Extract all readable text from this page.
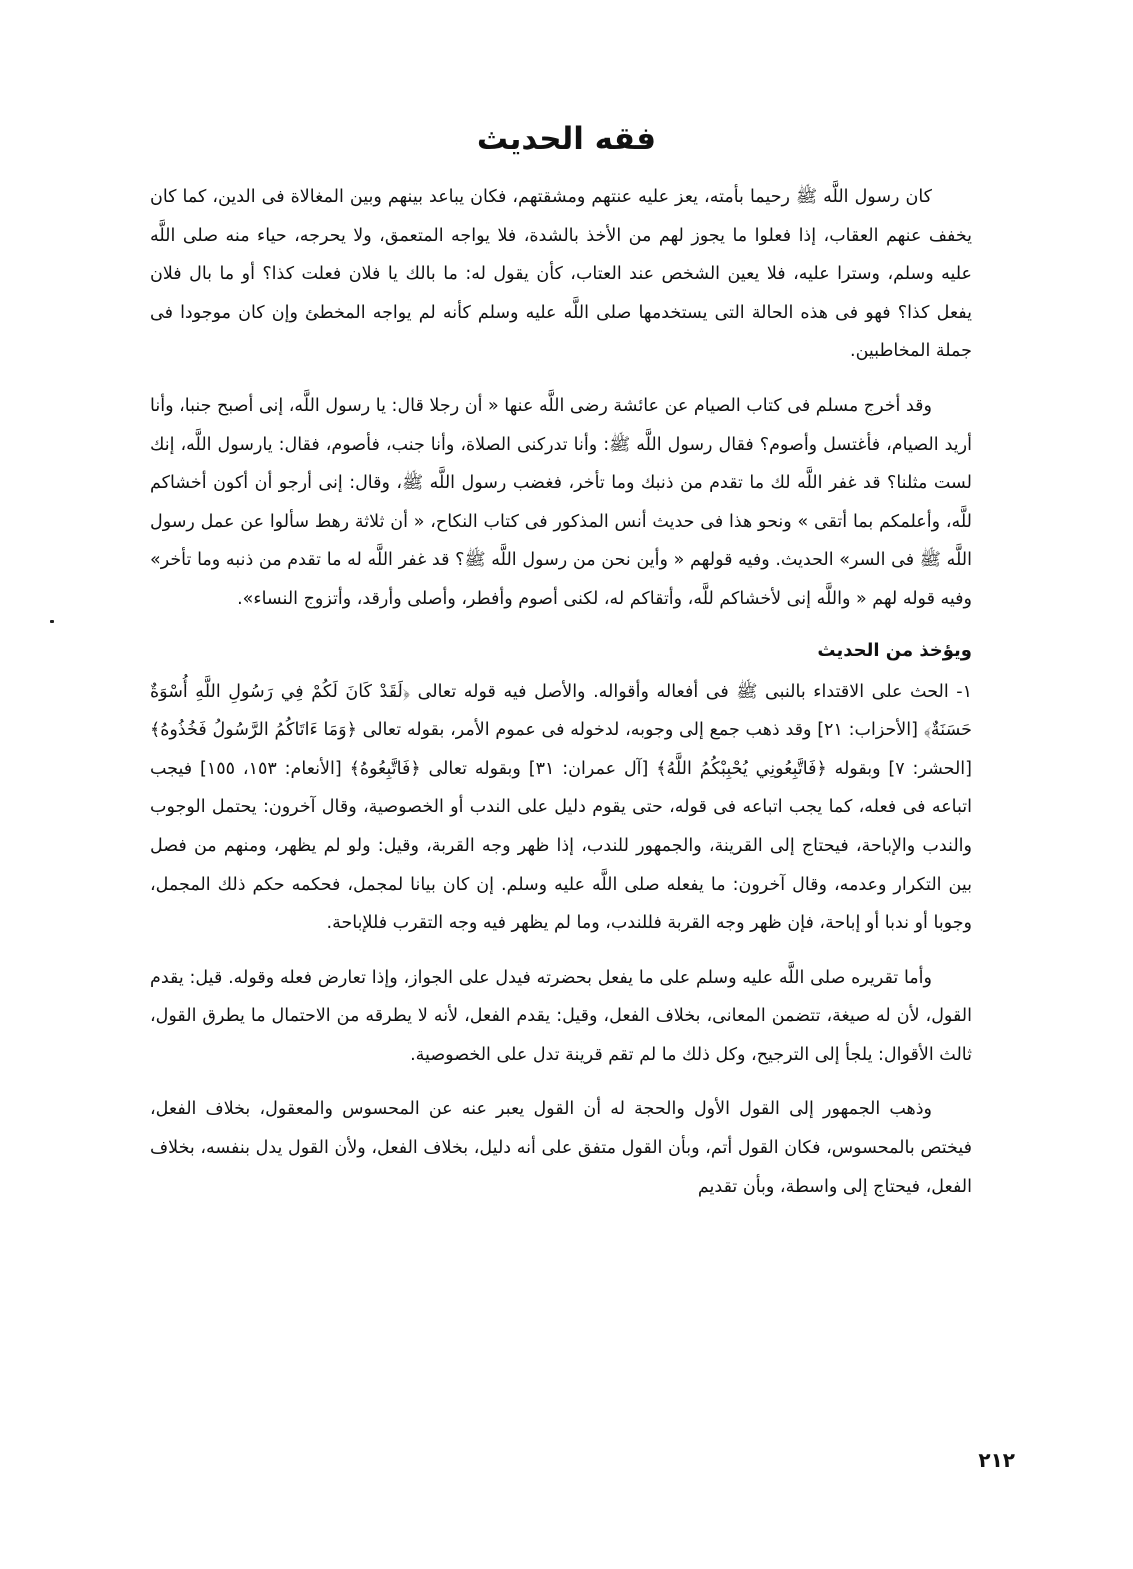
فقه الحديث

كان رسول اللَّه ﷺ رحيما بأمته، يعز عليه عنتهم ومشقتهم، فكان يباعد بينهم وبين المغالاة فى الدين، كما كان يخفف عنهم العقاب، إذا فعلوا ما يجوز لهم من الأخذ بالشدة، فلا يواجه المتعمق، ولا يحرجه، حياء منه صلى اللَّه عليه وسلم، وسترا عليه، فلا يعين الشخص عند العتاب، كأن يقول له: ما بالك يا فلان فعلت كذا؟ أو ما بال فلان يفعل كذا؟ فهو فى هذه الحالة التى يستخدمها صلى اللَّه عليه وسلم كأنه لم يواجه المخطئ وإن كان موجودا فى جملة المخاطبين.

وقد أخرج مسلم فى كتاب الصيام عن عائشة رضى اللَّه عنها « أن رجلا قال: يا رسول اللَّه، إنى أصبح جنبا، وأنا أريد الصيام، فأغتسل وأصوم؟ فقال رسول اللَّه ﷺ: وأنا تدركنى الصلاة، وأنا جنب، فأصوم، فقال: يارسول اللَّه، إنك لست مثلنا؟ قد غفر اللَّه لك ما تقدم من ذنبك وما تأخر، فغضب رسول اللَّه ﷺ، وقال: إنى أرجو أن أكون أخشاكم للَّه، وأعلمكم بما أتقى » ونحو هذا فى حديث أنس المذكور فى كتاب النكاح، « أن ثلاثة رهط سألوا عن عمل رسول اللَّه ﷺ فى السر» الحديث. وفيه قولهم « وأين نحن من رسول اللَّه ﷺ؟ قد غفر اللَّه له ما تقدم من ذنبه وما تأخر» وفيه قوله لهم « واللَّه إنى لأخشاكم للَّه، وأتقاكم له، لكنى أصوم وأفطر، وأصلى وأرقد، وأتزوج النساء».

ويؤخذ من الحديث

١- الحث على الاقتداء بالنبى ﷺ فى أفعاله وأقواله. والأصل فيه قوله تعالى ﴿لَقَدْ كَانَ لَكُمْ فِي رَسُولِ اللَّهِ أُسْوَةٌ حَسَنَةٌ﴾ [الأحزاب: ٢١] وقد ذهب جمع إلى وجوبه، لدخوله فى عموم الأمر، بقوله تعالى ﴿وَمَا ءَاتَاكُمُ الرَّسُولُ فَخُذُوهُ﴾ [الحشر: ٧] وبقوله ﴿فَاتَّبِعُونِي يُحْبِبْكُمُ اللَّهُ﴾ [آل عمران: ٣١] وبقوله تعالى ﴿فَاتَّبِعُوهُ﴾ [الأنعام: ١٥٣، ١٥٥] فيجب اتباعه فى فعله، كما يجب اتباعه فى قوله، حتى يقوم دليل على الندب أو الخصوصية، وقال آخرون: يحتمل الوجوب والندب والإباحة، فيحتاج إلى القرينة، والجمهور للندب، إذا ظهر وجه القربة، وقيل: ولو لم يظهر، ومنهم من فصل بين التكرار وعدمه، وقال آخرون: ما يفعله صلى اللَّه عليه وسلم. إن كان بيانا لمجمل، فحكمه حكم ذلك المجمل، وجوبا أو ندبا أو إباحة، فإن ظهر وجه القربة فللندب، وما لم يظهر فيه وجه التقرب فللإباحة.

وأما تقريره صلى اللَّه عليه وسلم على ما يفعل بحضرته فيدل على الجواز، وإذا تعارض فعله وقوله. قيل: يقدم القول، لأن له صيغة، تتضمن المعانى، بخلاف الفعل، وقيل: يقدم الفعل، لأنه لا يطرقه من الاحتمال ما يطرق القول، ثالث الأقوال: يلجأ إلى الترجيح، وكل ذلك ما لم تقم قرينة تدل على الخصوصية.

وذهب الجمهور إلى القول الأول والحجة له أن القول يعبر عنه عن المحسوس والمعقول، بخلاف الفعل، فيختص بالمحسوس، فكان القول أتم، وبأن القول متفق على أنه دليل، بخلاف الفعل، ولأن القول يدل بنفسه، بخلاف الفعل، فيحتاج إلى واسطة، وبأن تقديم

٢١٢
